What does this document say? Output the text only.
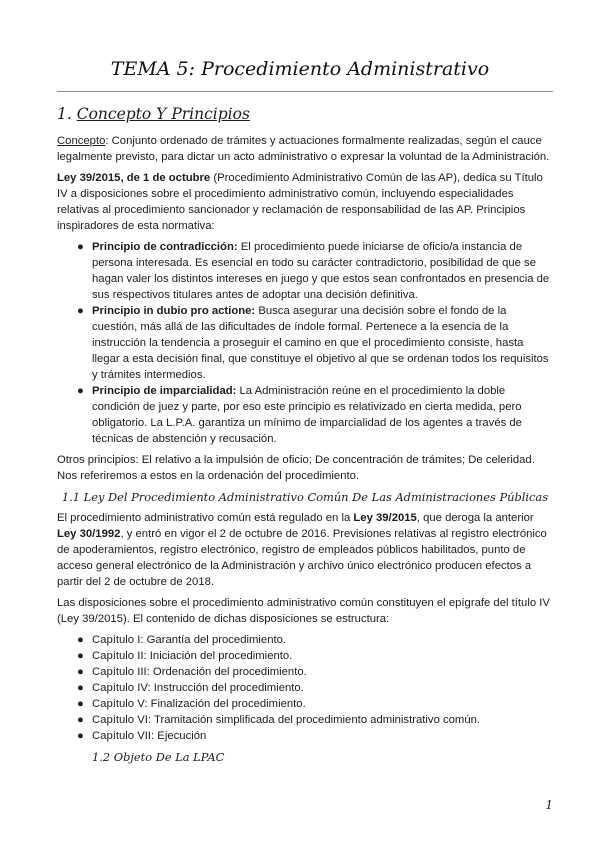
TEMA 5: Procedimiento Administrativo
1. Concepto Y Principios

Concepto: Conjunto ordenado de trámites y actuaciones formalmente realizadas, según el cauce legalmente previsto, para dictar un acto administrativo o expresar la voluntad de la Administración.

Ley 39/2015, de 1 de octubre (Procedimiento Administrativo Común de las AP), dedica su Título IV a disposiciones sobre el procedimiento administrativo común, incluyendo especialidades relativas al procedimiento sancionador y reclamación de responsabilidad de las AP. Principios inspiradores de esta normativa:

● Principio de contradicción: El procedimiento puede iniciarse de oficio/a instancia de persona interesada. Es esencial en todo su carácter contradictorio, posibilidad de que se hagan valer los distintos intereses en juego y que estos sean confrontados en presencia de sus respectivos titulares antes de adoptar una decisión definitiva.
● Principio in dubio pro actione: Busca asegurar una decisión sobre el fondo de la cuestión, más allá de las dificultades de índole formal. Pertenece a la esencia de la instrucción la tendencia a proseguir el camino en que el procedimiento consiste, hasta llegar a esta decisión final, que constituye el objetivo al que se ordenan todos los requisitos y trámites intermedios.
● Principio de imparcialidad: La Administración reúne en el procedimiento la doble condición de juez y parte, por eso este principio es relativizado en cierta medida, pero obligatorio. La L.P.A. garantiza un mínimo de imparcialidad de los agentes a través de técnicas de abstención y recusación.

Otros principios: El relativo a la impulsión de oficio; De concentración de trámites; De celeridad. Nos referiremos a estos en la ordenación del procedimiento.

1.1 Ley Del Procedimiento Administrativo Común De Las Administraciones Públicas

El procedimiento administrativo común está regulado en la Ley 39/2015, que deroga la anterior Ley 30/1992, y entró en vigor el 2 de octubre de 2016. Previsiones relativas al registro electrónico de apoderamientos, registro electrónico, registro de empleados públicos habilitados, punto de acceso general electrónico de la Administración y archivo único electrónico producen efectos a partir del 2 de octubre de 2018.

Las disposiciones sobre el procedimiento administrativo común constituyen el epígrafe del título IV (Ley 39/2015). El contenido de dichas disposiciones se estructura:

● Capítulo I: Garantía del procedimiento.
● Capítulo II: Iniciación del procedimiento.
● Capítulo III: Ordenación del procedimiento.
● Capítulo IV: Instrucción del procedimiento.
● Capítulo V: Finalización del procedimiento.
● Capítulo VI: Tramitación simplificada del procedimiento administrativo común.
● Capítulo VII: Ejecución
1.2 Objeto De La LPAC
1
